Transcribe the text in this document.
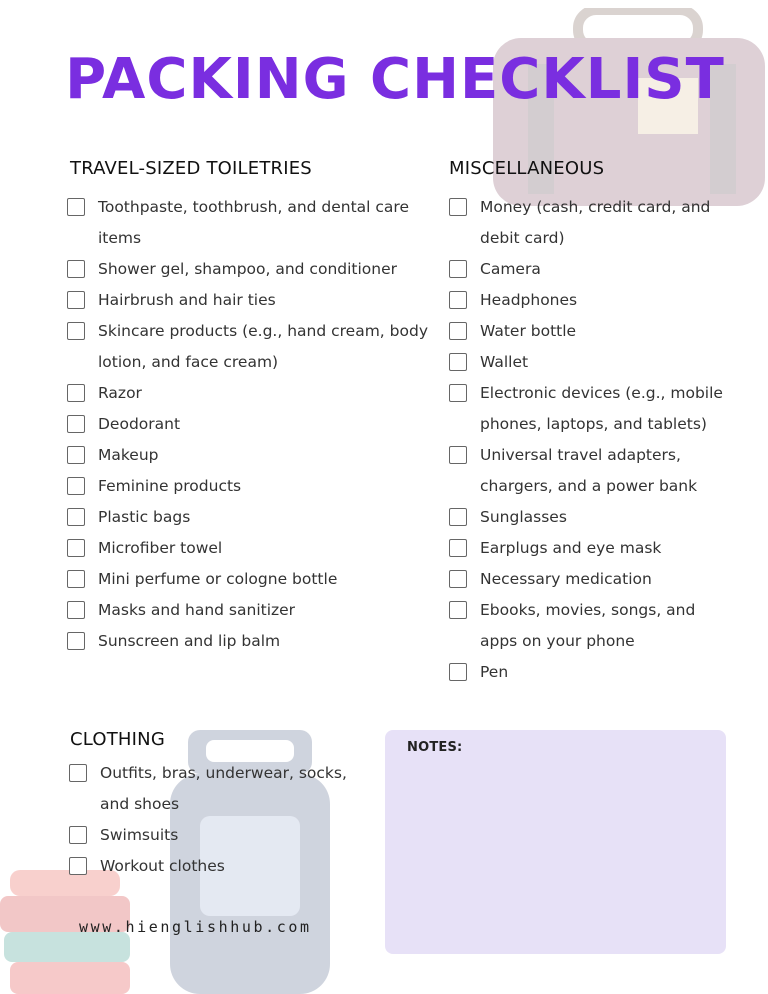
PACKING CHECKLIST
TRAVEL-SIZED TOILETRIES
Toothpaste, toothbrush, and dental care items
Shower gel, shampoo, and conditioner
Hairbrush and hair ties
Skincare products (e.g., hand cream, body lotion, and face cream)
Razor
Deodorant
Makeup
Feminine products
Plastic bags
Microfiber towel
Mini perfume or cologne bottle
Masks and hand sanitizer
Sunscreen and lip balm
MISCELLANEOUS
Money (cash, credit card, and debit card)
Camera
Headphones
Water bottle
Wallet
Electronic devices (e.g., mobile phones, laptops, and tablets)
Universal travel adapters, chargers, and a power bank
Sunglasses
Earplugs and eye mask
Necessary medication
Ebooks, movies, songs, and apps on your phone
Pen
CLOTHING
Outfits, bras, underwear, socks, and shoes
Swimsuits
Workout clothes
NOTES:
www.hienglishhub.com
